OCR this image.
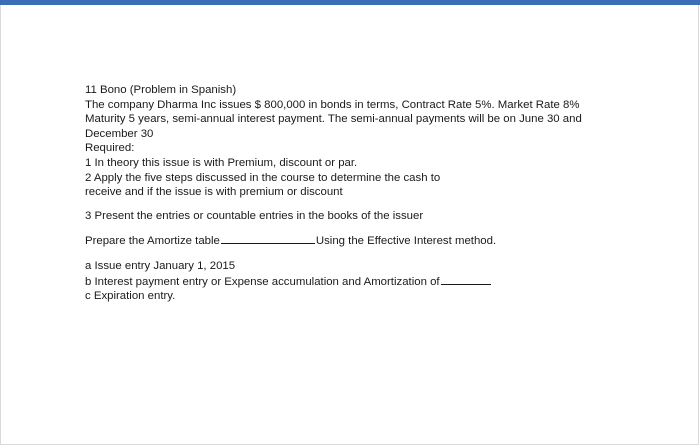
11 Bono (Problem in Spanish)
The company Dharma Inc issues $ 800,000 in bonds in terms, Contract Rate 5%. Market Rate 8%
Maturity 5 years, semi-annual interest payment. The semi-annual payments will be on June 30 and
December 30
Required:
1 In theory this issue is with Premium, discount or par.
2 Apply the five steps discussed in the course to determine the cash to
receive and if the issue is with premium or discount
3 Present the entries or countable entries in the books of the issuer
Prepare the Amortize table	Using the Effective Interest method.
a Issue entry January 1, 2015
b Interest payment entry or Expense accumulation and Amortization of
c Expiration entry.
